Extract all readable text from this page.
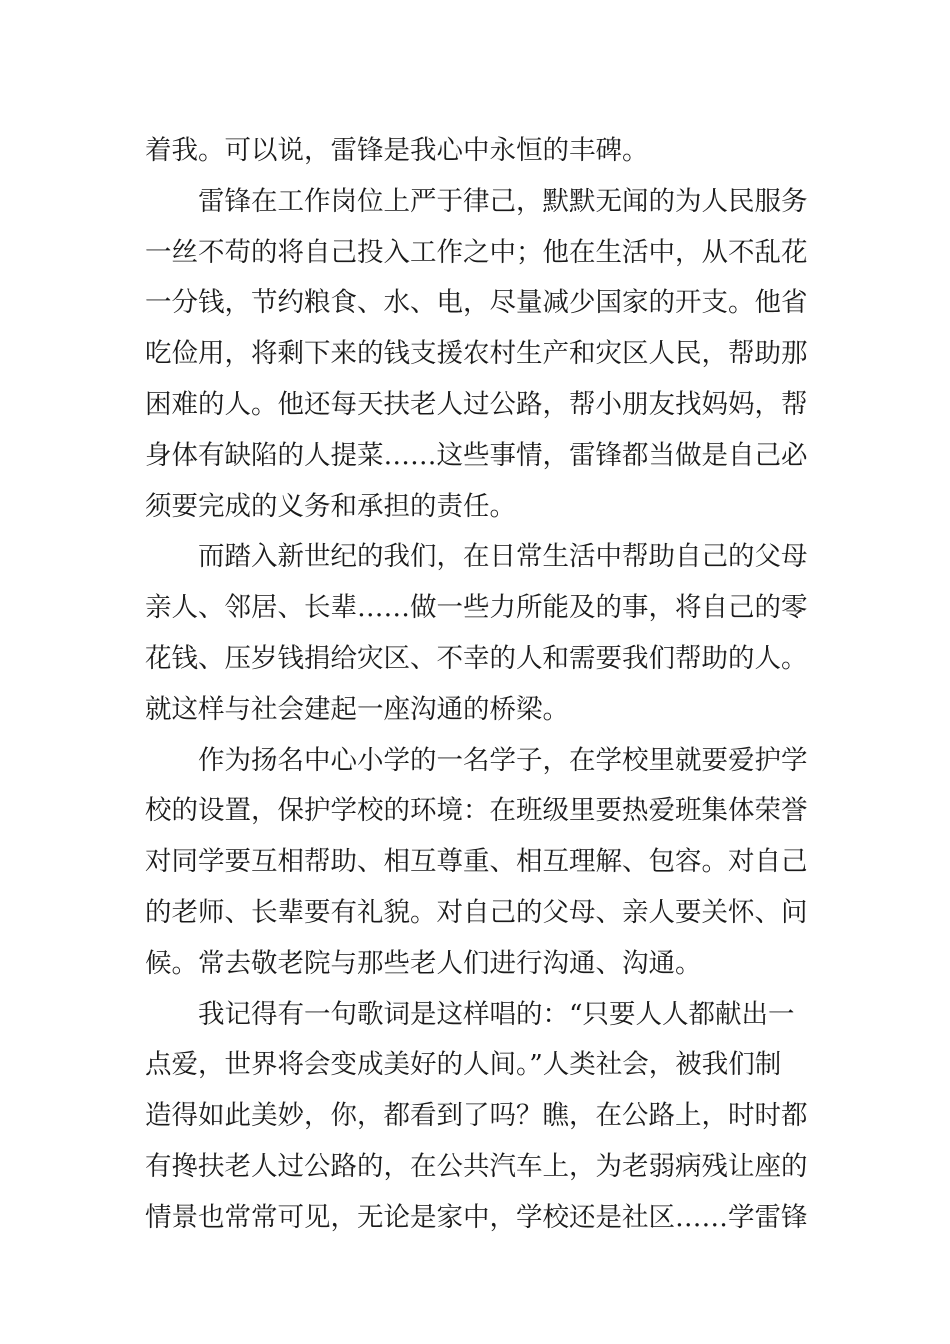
着我。可以说，雷锋是我心中永恒的丰碑。
雷锋在工作岗位上严于律己，默默无闻的为人民服务
一丝不苟的将自己投入工作之中；他在生活中，从不乱花
一分钱，节约粮食、水、电，尽量减少国家的开支。他省
吃俭用，将剩下来的钱支援农村生产和灾区人民，帮助那
困难的人。他还每天扶老人过公路，帮小朋友找妈妈，帮
身体有缺陷的人提菜……这些事情，雷锋都当做是自己必
须要完成的义务和承担的责任。
而踏入新世纪的我们，在日常生活中帮助自己的父母
亲人、邻居、长辈……做一些力所能及的事，将自己的零
花钱、压岁钱捐给灾区、不幸的人和需要我们帮助的人。
就这样与社会建起一座沟通的桥梁。
作为扬名中心小学的一名学子，在学校里就要爱护学
校的设置，保护学校的环境：在班级里要热爱班集体荣誉
对同学要互相帮助、相互尊重、相互理解、包容。对自己
的老师、长辈要有礼貌。对自己的父母、亲人要关怀、问
候。常去敬老院与那些老人们进行沟通、沟通。
我记得有一句歌词是这样唱的：“只要人人都献出一
点爱，世界将会变成美好的人间。”人类社会，被我们制
造得如此美妙，你，都看到了吗？瞧，在公路上，时时都
有搀扶老人过公路的，在公共汽车上，为老弱病残让座的
情景也常常可见，无论是家中，学校还是社区……学雷锋
